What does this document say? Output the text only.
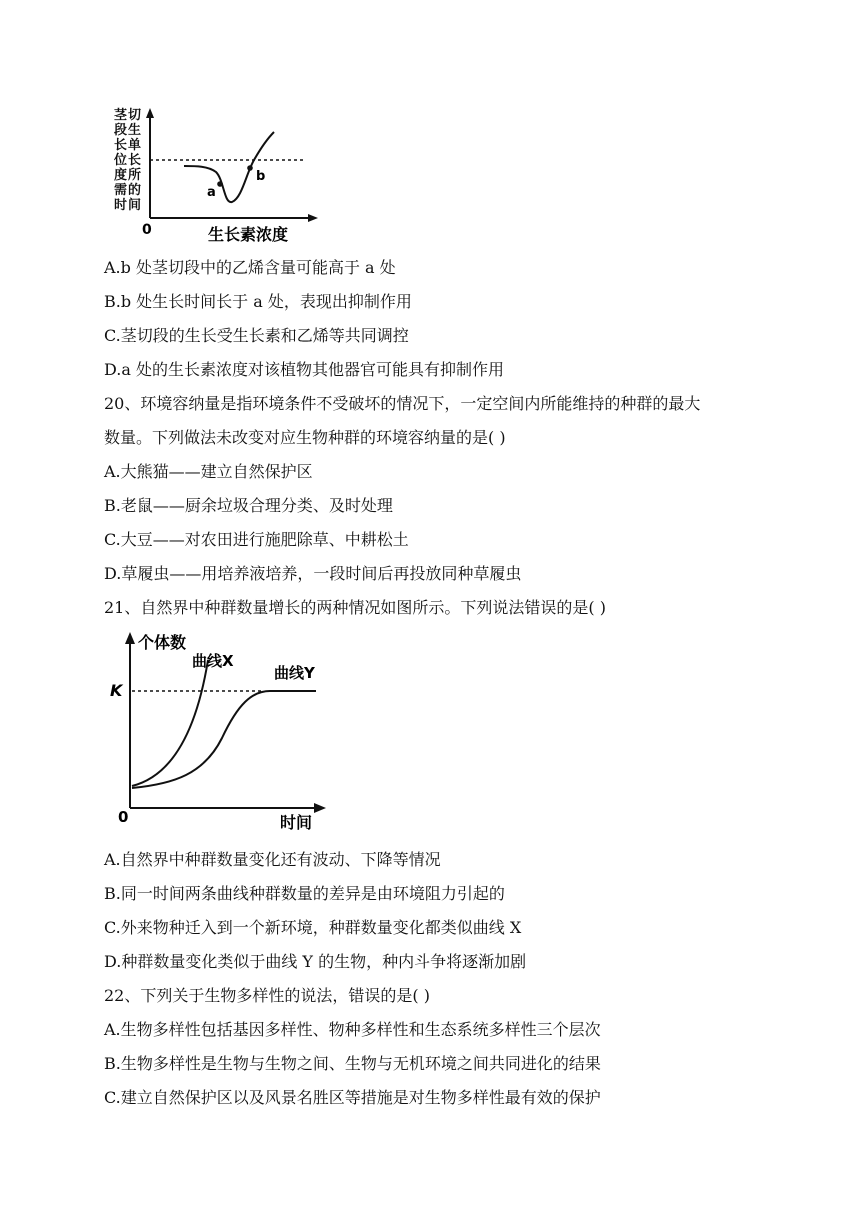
茎 切
段 生
长 单
位 长
度 所
需 的
时 间
0	生长素浓度
a
b
A.b 处茎切段中的乙烯含量可能高于 a 处
B.b 处生长时间长于 a 处，表现出抑制作用
C.茎切段的生长受生长素和乙烯等共同调控
D.a 处的生长素浓度对该植物其他器官可能具有抑制作用
20、环境容纳量是指环境条件不受破坏的情况下，一定空间内所能维持的种群的最大
数量。下列做法未改变对应生物种群的环境容纳量的是( )
A.大熊猫——建立自然保护区
B.老鼠——厨余垃圾合理分类、及时处理
C.大豆——对农田进行施肥除草、中耕松土
D.草履虫——用培养液培养，一段时间后再投放同种草履虫
21、自然界中种群数量增长的两种情况如图所示。下列说法错误的是( )
个体数
时间
0
K
曲线X
曲线Y
A.自然界中种群数量变化还有波动、下降等情况
B.同一时间两条曲线种群数量的差异是由环境阻力引起的
C.外来物种迁入到一个新环境，种群数量变化都类似曲线 X
D.种群数量变化类似于曲线 Y 的生物，种内斗争将逐渐加剧
22、下列关于生物多样性的说法，错误的是( )
A.生物多样性包括基因多样性、物种多样性和生态系统多样性三个层次
B.生物多样性是生物与生物之间、生物与无机环境之间共同进化的结果
C.建立自然保护区以及风景名胜区等措施是对生物多样性最有效的保护
